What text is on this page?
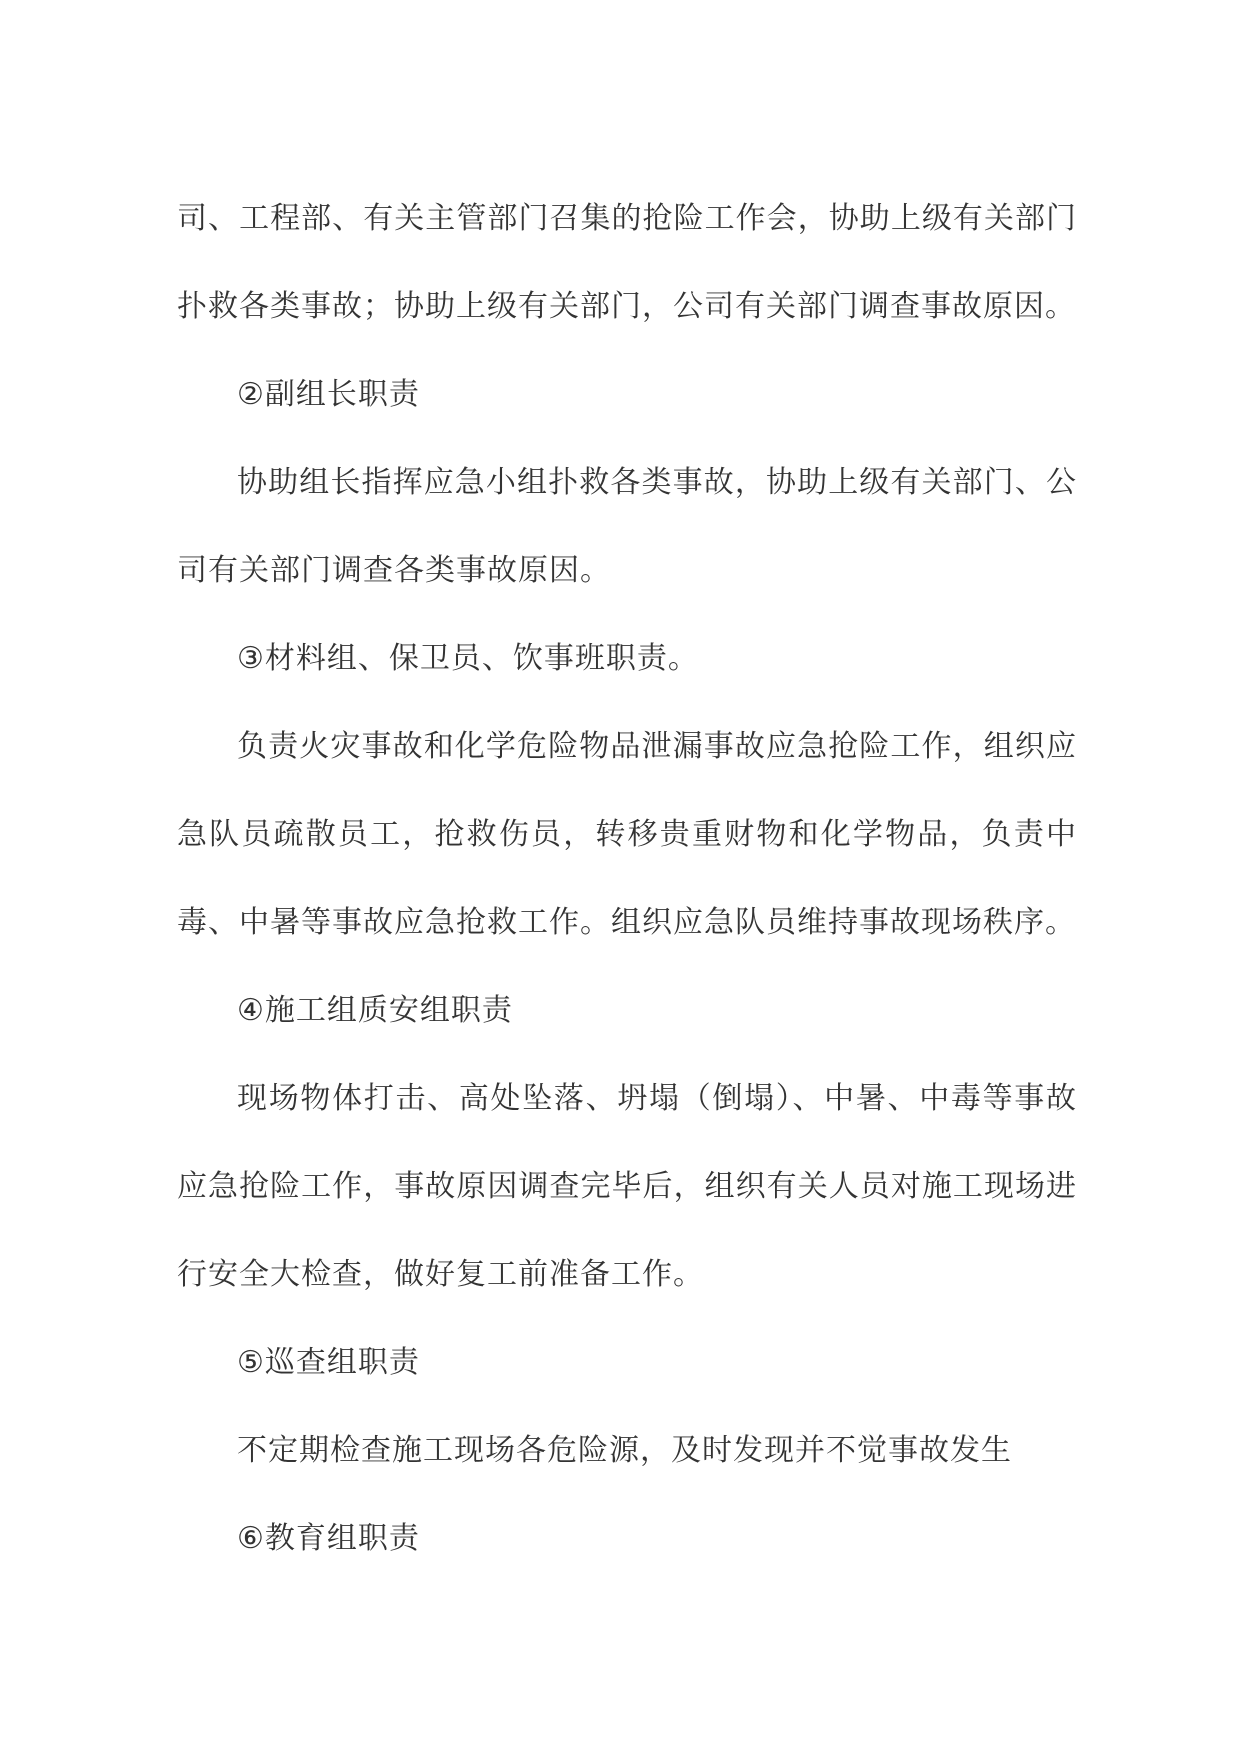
司、工程部、有关主管部门召集的抢险工作会，协助上级有关部门扑救各类事故；协助上级有关部门，公司有关部门调查事故原因。

②副组长职责

协助组长指挥应急小组扑救各类事故，协助上级有关部门、公司有关部门调查各类事故原因。

③材料组、保卫员、饮事班职责。

负责火灾事故和化学危险物品泄漏事故应急抢险工作，组织应急队员疏散员工，抢救伤员，转移贵重财物和化学物品，负责中毒、中暑等事故应急抢救工作。组织应急队员维持事故现场秩序。

④施工组质安组职责

现场物体打击、高处坠落、坍塌（倒塌）、中暑、中毒等事故应急抢险工作，事故原因调查完毕后，组织有关人员对施工现场进行安全大检查，做好复工前准备工作。

⑤巡查组职责

不定期检查施工现场各危险源，及时发现并不觉事故发生

⑥教育组职责
